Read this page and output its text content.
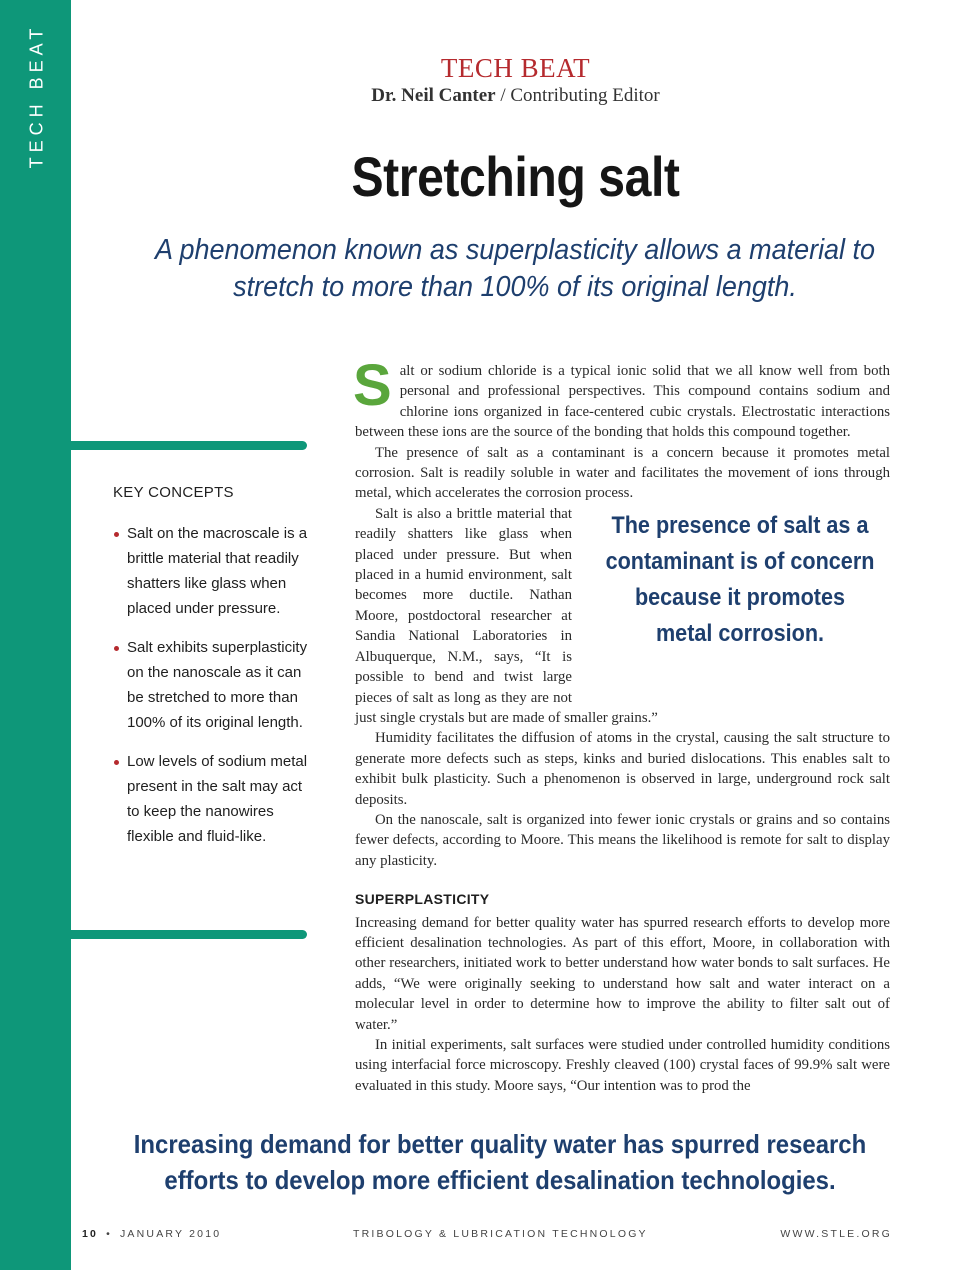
TECH BEAT	TECH BEAT
Dr. Neil Canter / Contributing Editor
Stretching salt
A phenomenon known as superplasticity allows a material to stretch to more than 100% of its original length.
KEY CONCEPTS
Salt on the macroscale is a brittle material that readily shatters like glass when placed under pressure.
Salt exhibits superplasticity on the nanoscale as it can be stretched to more than 100% of its original length.
Low levels of sodium metal present in the salt may act to keep the nanowires flexible and fluid-like.

Salt or sodium chloride is a typical ionic solid that we all know well from both personal and professional perspectives. This compound contains sodium and chlorine ions organized in face-centered cubic crystals. Electrostatic interactions between these ions are the source of the bonding that holds this compound together.

The presence of salt as a contaminant is a concern because it promotes metal corrosion. Salt is readily soluble in water and facilitates the movement of ions through metal, which accelerates the corrosion process.

The presence of salt as a contaminant is of concern because it promotes metal corrosion.
Salt is also a brittle material that readily shatters like glass when placed under pressure. But when placed in a humid environment, salt becomes more ductile. Nathan Moore, postdoctoral researcher at Sandia National Laboratories in Albuquerque, N.M., says, “It is possible to bend and twist large pieces of salt as long as they are not just single crystals but are made of smaller grains.”

Humidity facilitates the diffusion of atoms in the crystal, causing the salt structure to generate more defects such as steps, kinks and buried dislocations. This enables salt to exhibit bulk plasticity. Such a phenomenon is observed in large, underground rock salt deposits.

On the nanoscale, salt is organized into fewer ionic crystals or grains and so contains fewer defects, according to Moore. This means the likelihood is remote for salt to display any plasticity.

SUPERPLASTICITY

Increasing demand for better quality water has spurred research efforts to develop more efficient desalination technologies. As part of this effort, Moore, in collaboration with other researchers, initiated work to better understand how water bonds to salt surfaces. He adds, “We were originally seeking to understand how salt and water interact on a molecular level in order to determine how to improve the ability to filter salt out of water.”

In initial experiments, salt surfaces were studied under controlled humidity conditions using interfacial force microscopy. Freshly cleaved (100) crystal faces of 99.9% salt were evaluated in this study. Moore says, “Our intention was to prod the

Increasing demand for better quality water has spurred research efforts to develop more efficient desalination technologies.
10 • JANUARY 2010	TRIBOLOGY & LUBRICATION TECHNOLOGY	WWW.STLE.ORG
